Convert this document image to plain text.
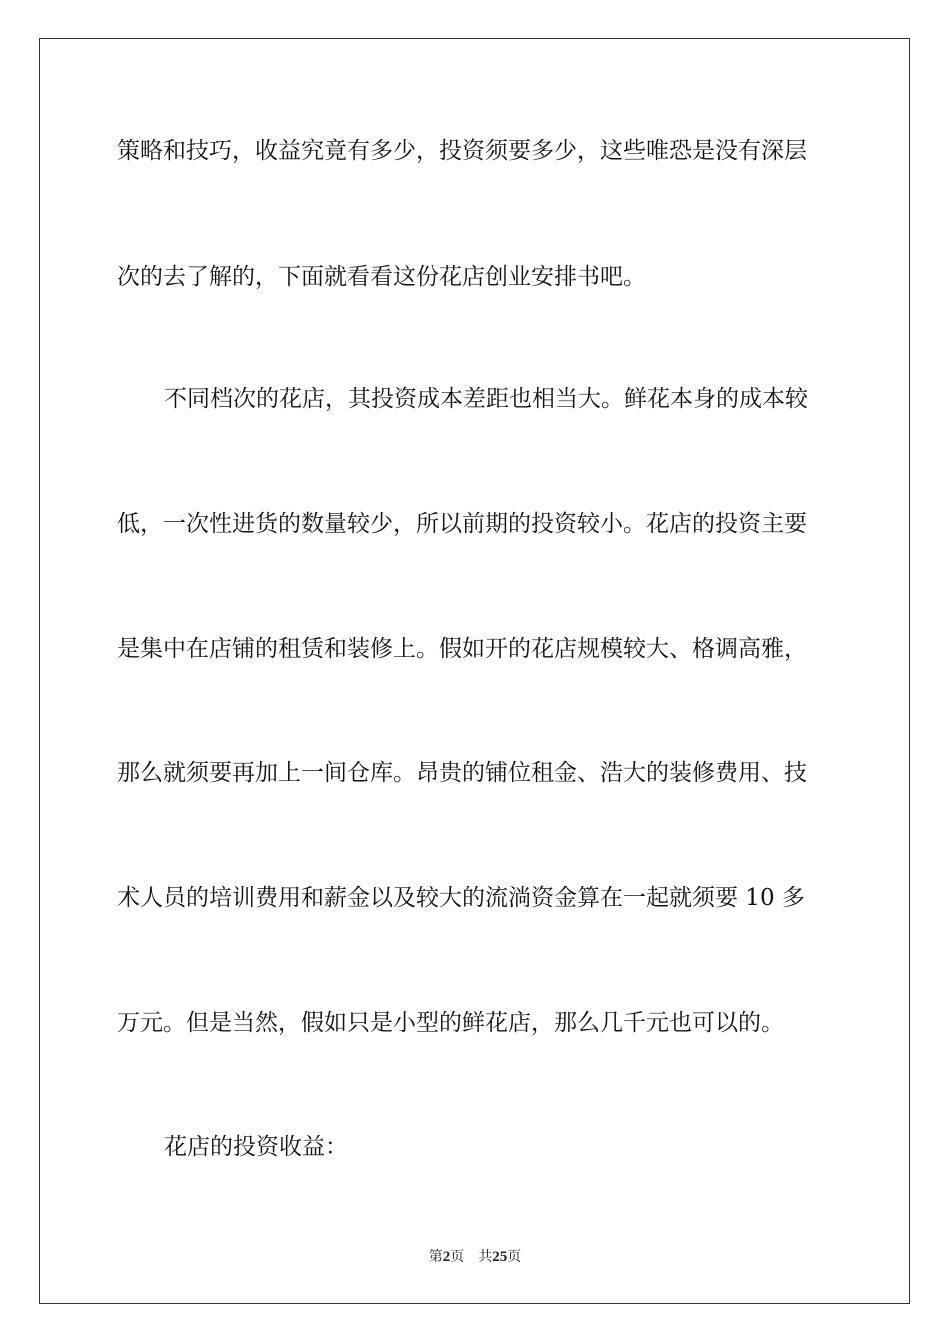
策略和技巧，收益究竟有多少，投资须要多少，这些唯恐是没有深层
次的去了解的，下面就看看这份花店创业安排书吧。
不同档次的花店，其投资成本差距也相当大。鲜花本身的成本较
低，一次性进货的数量较少，所以前期的投资较小。花店的投资主要
是集中在店铺的租赁和装修上。假如开的花店规模较大、格调高雅，
那么就须要再加上一间仓库。昂贵的铺位租金、浩大的装修费用、技
术人员的培训费用和薪金以及较大的流淌资金算在一起就须要 10 多
万元。但是当然，假如只是小型的鲜花店，那么几千元也可以的。
花店的投资收益：
第2页 共25页
